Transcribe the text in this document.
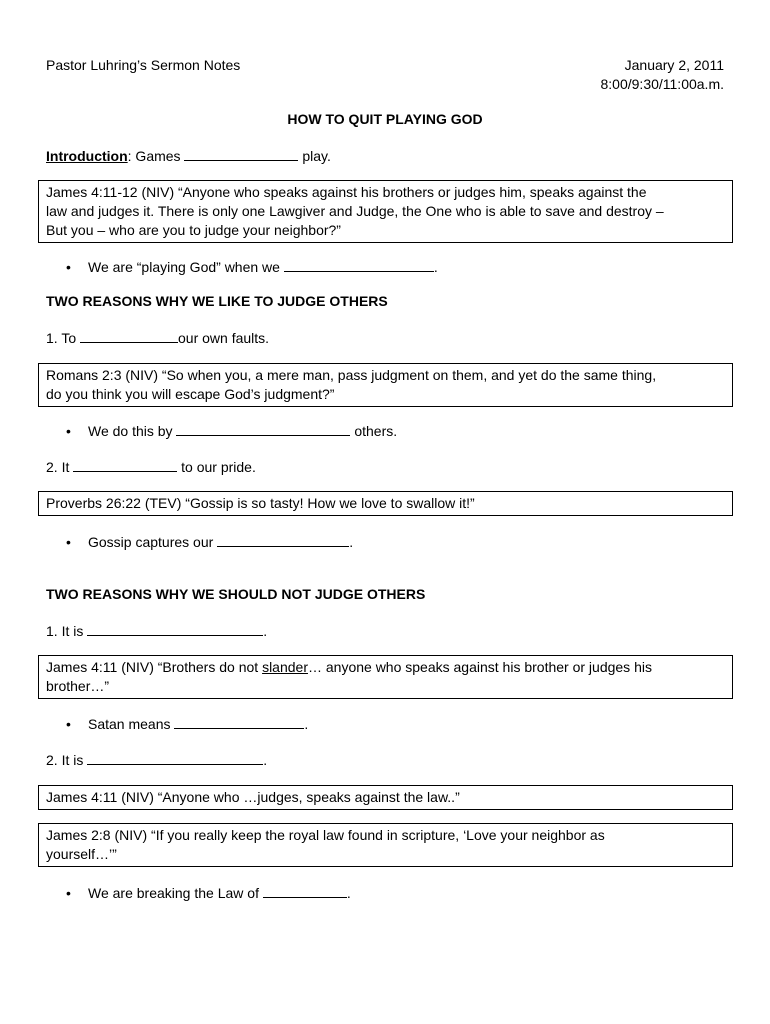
Pastor Luhring’s Sermon Notes	January 2, 2011
8:00/9:30/11:00a.m.
HOW TO QUIT PLAYING GOD
Introduction: Games	play.
James 4:11-12 (NIV) “Anyone who speaks against his brothers or judges him, speaks against the
law and judges it. There is only one Lawgiver and Judge, the One who is able to save and destroy –
But you – who are you to judge your neighbor?”
• We are “playing God” when we	.
TWO REASONS WHY WE LIKE TO JUDGE OTHERS
1. To	our own faults.
Romans 2:3 (NIV) “So when you, a mere man, pass judgment on them, and yet do the same thing,
do you think you will escape God’s judgment?”
• We do this by	others.
2. It	to our pride.
Proverbs 26:22 (TEV) “Gossip is so tasty! How we love to swallow it!”
• Gossip captures our	.
TWO REASONS WHY WE SHOULD NOT JUDGE OTHERS
1. It is	.
James 4:11 (NIV) “Brothers do not slander… anyone who speaks against his brother or judges his
brother…”
• Satan means	.
2. It is	.
James 4:11 (NIV) “Anyone who …judges, speaks against the law..”
James 2:8 (NIV) “If you really keep the royal law found in scripture, ‘Love your neighbor as
yourself…’”
• We are breaking the Law of	.
